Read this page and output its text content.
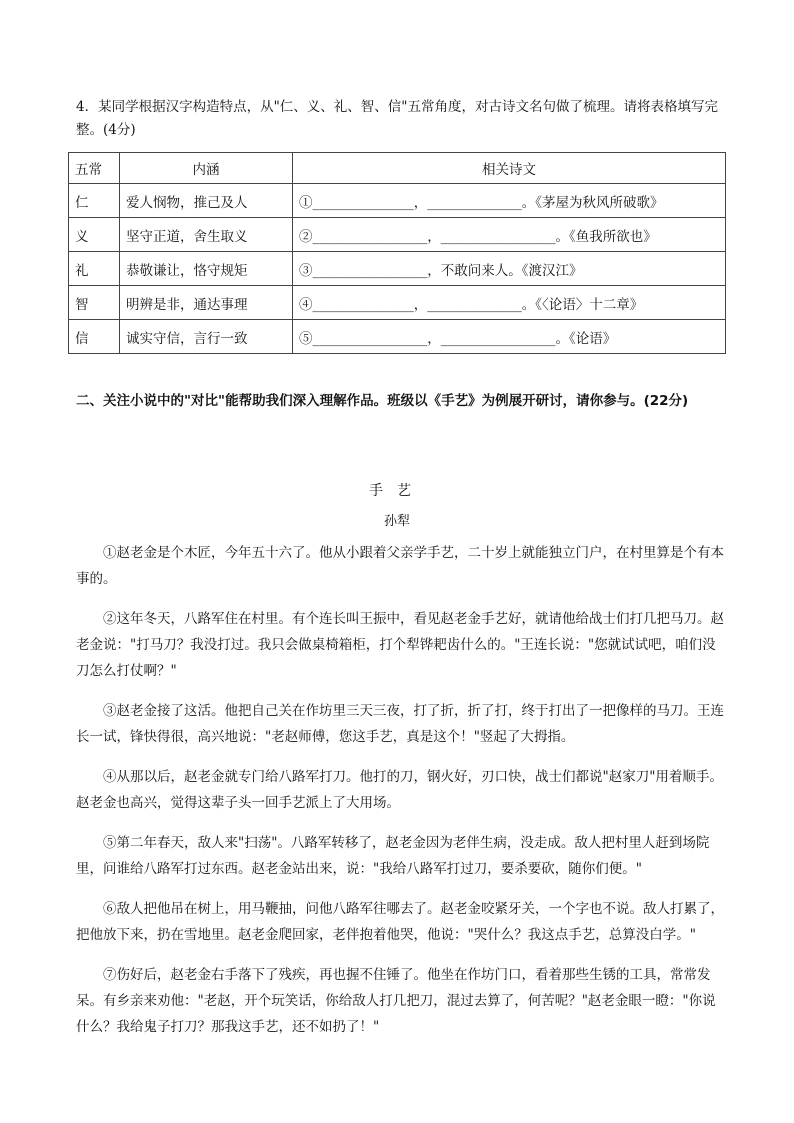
4．某同学根据汉字构造特点，从"仁、义、礼、智、信"五常角度，对古诗文名句做了梳理。请将表格填写完整。(4分)
五常	内涵	相关诗文
仁	爱人悯物，推己及人	①_______________，______________。《茅屋为秋风所破歌》
义	坚守正道，舍生取义	②_________________，_________________。《鱼我所欲也》
礼	恭敬谦让，恪守规矩	③_________________，不敢问来人。《渡汉江》
智	明辨是非，通达事理	④_______________，______________。《〈论语〉十二章》
信	诚实守信，言行一致	⑤_________________，_________________。《论语》
二、关注小说中的"对比"能帮助我们深入理解作品。班级以《手艺》为例展开研讨，请你参与。(22分)
手艺
孙犁

①赵老金是个木匠，今年五十六了。他从小跟着父亲学手艺，二十岁上就能独立门户，在村里算是个有本事的。

②这年冬天，八路军住在村里。有个连长叫王振中，看见赵老金手艺好，就请他给战士们打几把马刀。赵老金说："打马刀？我没打过。我只会做桌椅箱柜，打个犁铧耙齿什么的。"王连长说："您就试试吧，咱们没刀怎么打仗啊？"

③赵老金接了这活。他把自己关在作坊里三天三夜，打了折，折了打，终于打出了一把像样的马刀。王连长一试，锋快得很，高兴地说："老赵师傅，您这手艺，真是这个！"竖起了大拇指。

④从那以后，赵老金就专门给八路军打刀。他打的刀，钢火好，刃口快，战士们都说"赵家刀"用着顺手。赵老金也高兴，觉得这辈子头一回手艺派上了大用场。

⑤第二年春天，敌人来"扫荡"。八路军转移了，赵老金因为老伴生病，没走成。敌人把村里人赶到场院里，问谁给八路军打过东西。赵老金站出来，说："我给八路军打过刀，要杀要砍，随你们便。"

⑥敌人把他吊在树上，用马鞭抽，问他八路军往哪去了。赵老金咬紧牙关，一个字也不说。敌人打累了，把他放下来，扔在雪地里。赵老金爬回家，老伴抱着他哭，他说："哭什么？我这点手艺，总算没白学。"

⑦伤好后，赵老金右手落下了残疾，再也握不住锤了。他坐在作坊门口，看着那些生锈的工具，常常发呆。有乡亲来劝他："老赵，开个玩笑话，你给敌人打几把刀，混过去算了，何苦呢？"赵老金眼一瞪："你说什么？我给鬼子打刀？那我这手艺，还不如扔了！"
